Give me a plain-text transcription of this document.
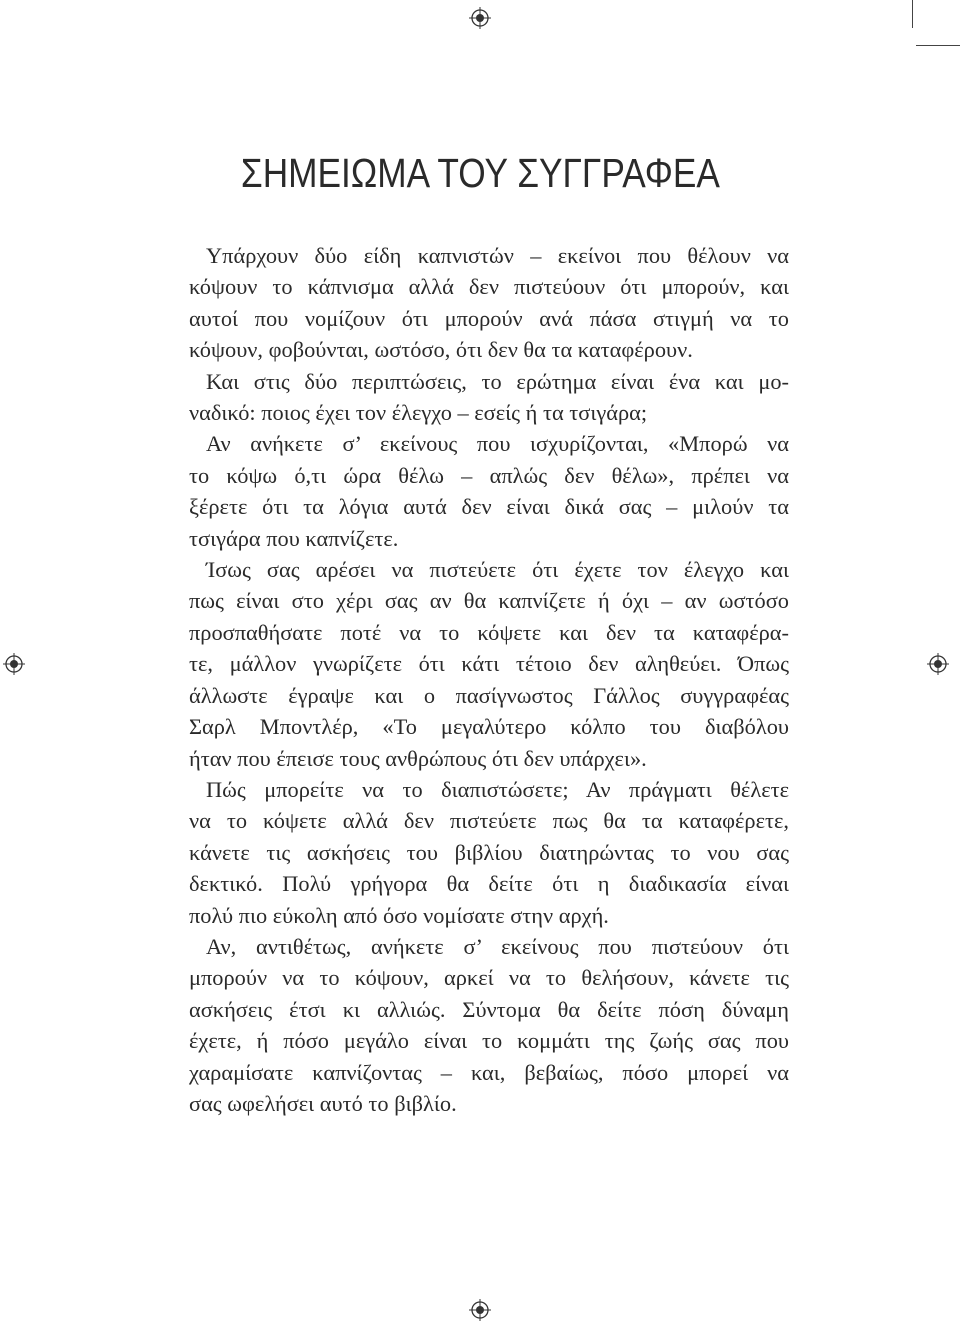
ΣΗΜΕΙΩΜΑ ΤΟΥ ΣΥΓΓΡΑΦΕΑ

Υπάρχουν δύο είδη καπνιστών – εκείνοι που θέλουν να
κόψουν το κάπνισμα αλλά δεν πιστεύουν ότι μπορούν, και
αυτοί που νομίζουν ότι μπορούν ανά πάσα στιγμή να το
κόψουν, φοβούνται, ωστόσο, ότι δεν θα τα καταφέρουν.

Και στις δύο περιπτώσεις, το ερώτημα είναι ένα και μο-
ναδικό: ποιος έχει τον έλεγχο – εσείς ή τα τσιγάρα;

Αν ανήκετε σ’ εκείνους που ισχυρίζονται, «Μπορώ να
το κόψω ό,τι ώρα θέλω – απλώς δεν θέλω», πρέπει να
ξέρετε ότι τα λόγια αυτά δεν είναι δικά σας – μιλούν τα
τσιγάρα που καπνίζετε.

Ίσως σας αρέσει να πιστεύετε ότι έχετε τον έλεγχο και
πως είναι στο χέρι σας αν θα καπνίζετε ή όχι – αν ωστόσο
προσπαθήσατε ποτέ να το κόψετε και δεν τα καταφέρα-
τε, μάλλον γνωρίζετε ότι κάτι τέτοιο δεν αληθεύει. Όπως
άλλωστε έγραψε και ο πασίγνωστος Γάλλος συγγραφέας
Σαρλ Μποντλέρ, «Το μεγαλύτερο κόλπο του διαβόλου
ήταν που έπεισε τους ανθρώπους ότι δεν υπάρχει».

Πώς μπορείτε να το διαπιστώσετε; Αν πράγματι θέλετε
να το κόψετε αλλά δεν πιστεύετε πως θα τα καταφέρετε,
κάνετε τις ασκήσεις του βιβλίου διατηρώντας το νου σας
δεκτικό. Πολύ γρήγορα θα δείτε ότι η διαδικασία είναι
πολύ πιο εύκολη από όσο νομίσατε στην αρχή.

Αν, αντιθέτως, ανήκετε σ’ εκείνους που πιστεύουν ότι
μπορούν να το κόψουν, αρκεί να το θελήσουν, κάνετε τις
ασκήσεις έτσι κι αλλιώς. Σύντομα θα δείτε πόση δύναμη
έχετε, ή πόσο μεγάλο είναι το κομμάτι της ζωής σας που
χαραμίσατε καπνίζοντας – και, βεβαίως, πόσο μπορεί να
σας ωφελήσει αυτό το βιβλίο.
